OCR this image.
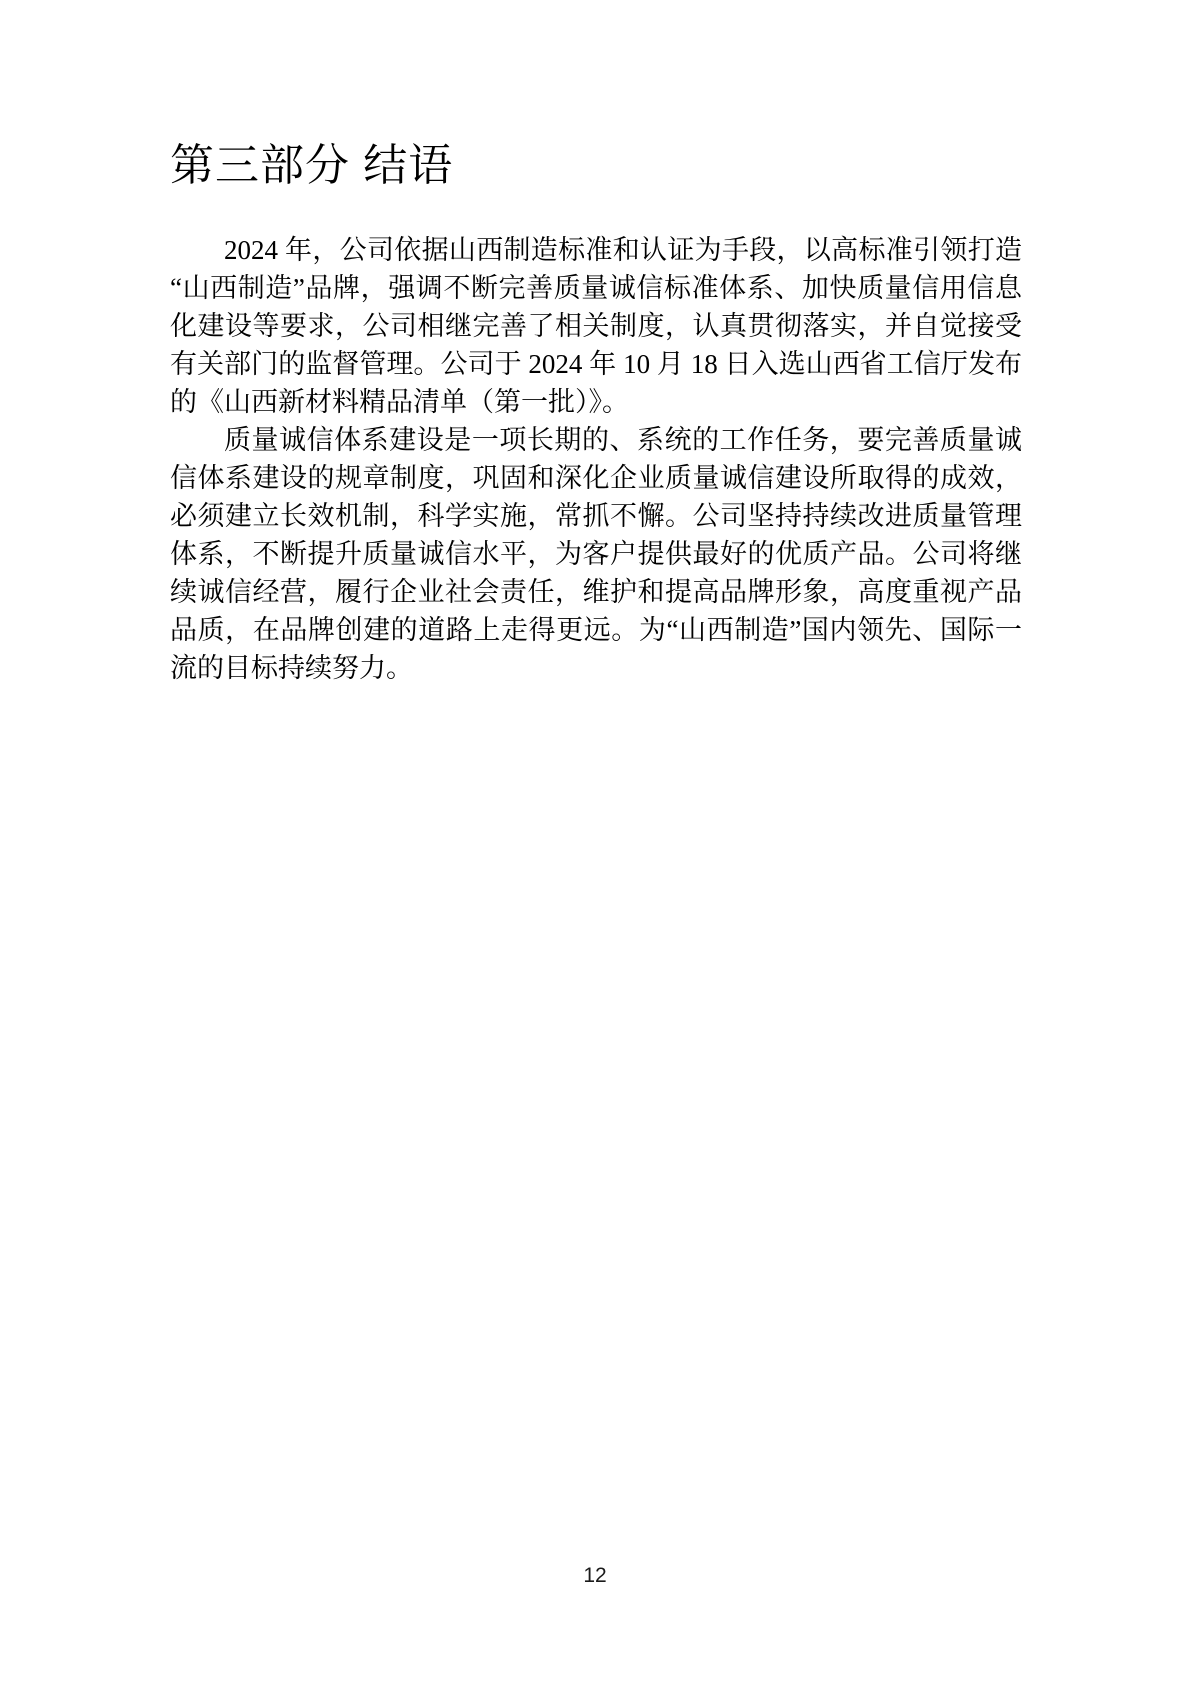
第三部分 结语

2024 年，公司依据山西制造标准和认证为手段，以高标准引领打造“山西制造”品牌，强调不断完善质量诚信标准体系、加快质量信用信息化建设等要求，公司相继完善了相关制度，认真贯彻落实，并自觉接受有关部门的监督管理。公司于 2024 年 10 月 18 日入选山西省工信厅发布的《山西新材料精品清单（第一批）》。

质量诚信体系建设是一项长期的、系统的工作任务，要完善质量诚信体系建设的规章制度，巩固和深化企业质量诚信建设所取得的成效，必须建立长效机制，科学实施，常抓不懈。公司坚持持续改进质量管理体系，不断提升质量诚信水平，为客户提供最好的优质产品。公司将继续诚信经营，履行企业社会责任，维护和提高品牌形象，高度重视产品品质，在品牌创建的道路上走得更远。为“山西制造”国内领先、国际一流的目标持续努力。

12
